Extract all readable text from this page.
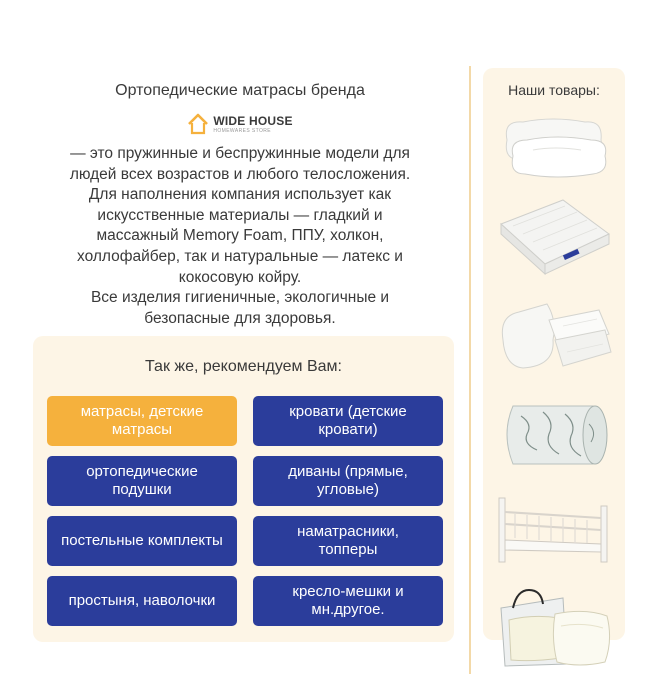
Ортопедические матрасы бренда

WIDE HOUSE
HOMEWARES STORE

— это пружинные и беспружинные модели для

людей всех возрастов и любого телосложения.

Для наполнения компания использует как

искусственные материалы — гладкий и

массажный Memory Foam, ППУ, холкон,

холлофайбер, так и натуральные — латекс и

кокосовую койру.

Все изделия гигиеничные, экологичные и

безопасные для здоровья.

Так же, рекомендуем Вам:
матрасы, детские матрасы
кровати (детские кровати)
ортопедические подушки
диваны (прямые, угловые)
постельные комплекты
наматрасники, топперы
простыня, наволочки
кресло-мешки и мн.другое.
Наши товары:
